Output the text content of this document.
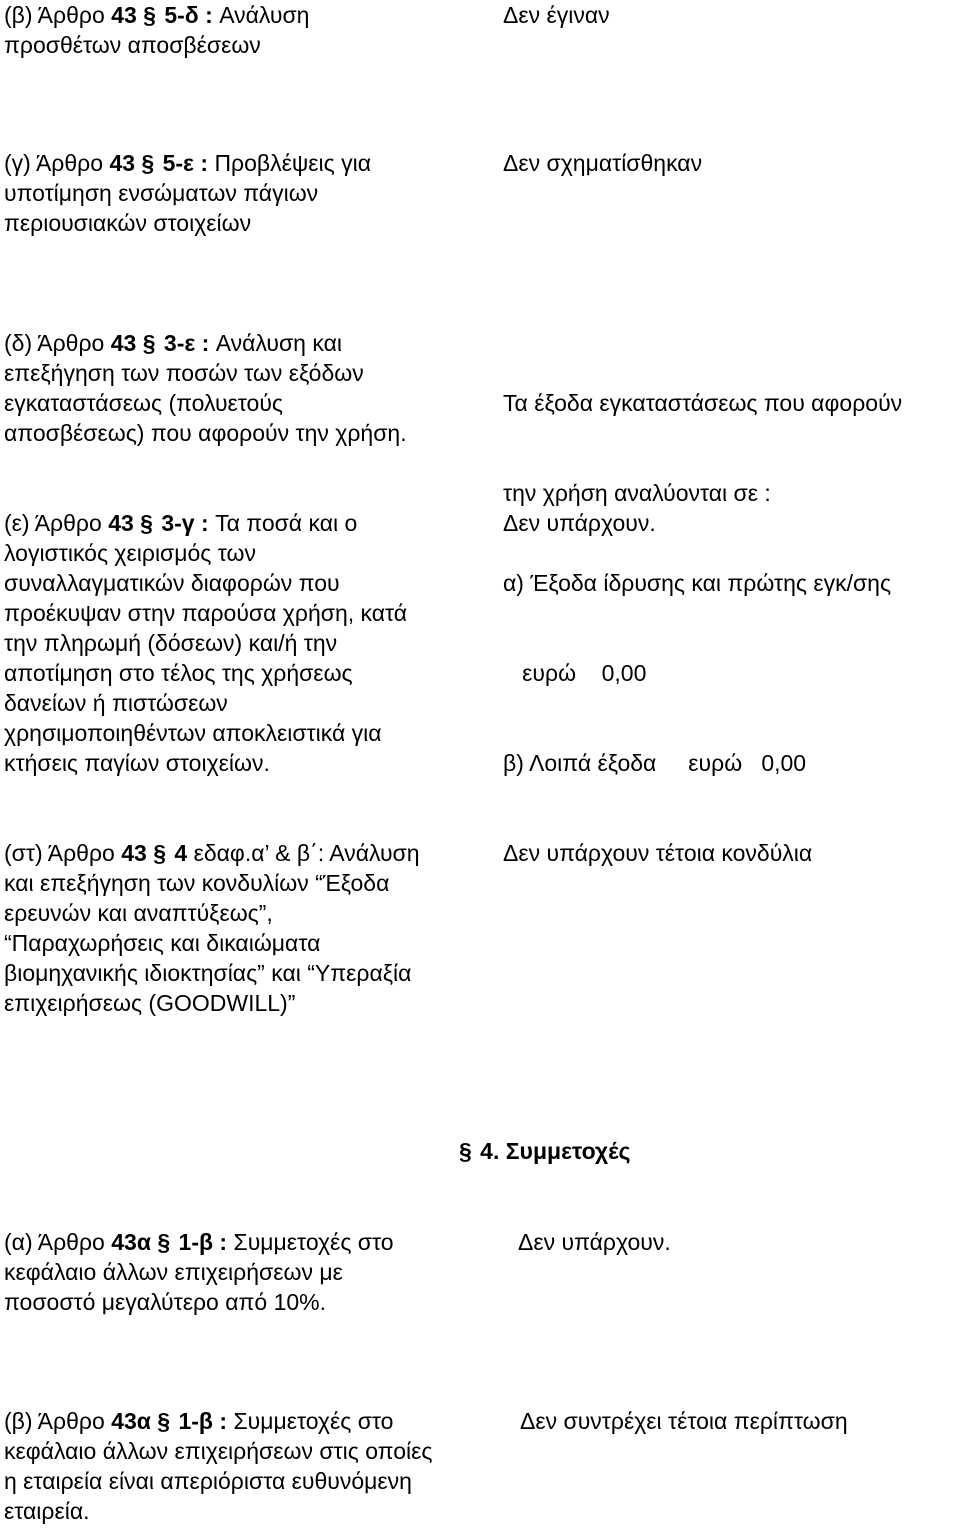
(β) Άρθρο 43 § 5-δ : Ανάλυση
προσθέτων αποσβέσεων
Δεν έγιναν
(γ) Άρθρο 43 § 5-ε : Προβλέψεις για
υποτίμηση ενσώματων πάγιων
περιουσιακών στοιχείων
Δεν σχηματίσθηκαν
(δ) Άρθρο 43 § 3-ε : Ανάλυση και
επεξήγηση των ποσών των εξόδων
εγκαταστάσεως (πολυετούς
αποσβέσεως) που αφορούν την χρήση.

Τα έξοδα εγκαταστάσεως που αφορούν

την χρήση αναλύονται σε :

α) Έξοδα ίδρυσης και πρώτης εγκ/σης

ευρώ    0,00

β) Λοιπά έξοδα     ευρώ   0,00

(ε) Άρθρο 43 § 3-γ : Τα ποσά και ο
λογιστικός χειρισμός των
συναλλαγματικών διαφορών που
προέκυψαν στην παρούσα χρήση, κατά
την πληρωμή (δόσεων) και/ή την
αποτίμηση στο τέλος της χρήσεως
δανείων ή πιστώσεων
χρησιμοποιηθέντων αποκλειστικά για
κτήσεις παγίων στοιχείων.
Δεν υπάρχουν.
(στ) Άρθρο 43 § 4 εδαφ.α’ & β΄: Ανάλυση
και επεξήγηση των κονδυλίων “Έξοδα
ερευνών και αναπτύξεως”,
“Παραχωρήσεις και δικαιώματα
βιομηχανικής ιδιοκτησίας” και “Υπεραξία
επιχειρήσεως (GOODWILL)”
Δεν υπάρχουν τέτοια κονδύλια
§ 4. Συμμετοχές
(α) Άρθρο 43α § 1-β : Συμμετοχές στο
κεφάλαιο άλλων επιχειρήσεων με
ποσοστό μεγαλύτερο από 10%.
Δεν υπάρχουν.
(β) Άρθρο 43α § 1-β : Συμμετοχές στο
κεφάλαιο άλλων επιχειρήσεων στις οποίες
η εταιρεία είναι απεριόριστα ευθυνόμενη
εταιρεία.
Δεν συντρέχει τέτοια περίπτωση
